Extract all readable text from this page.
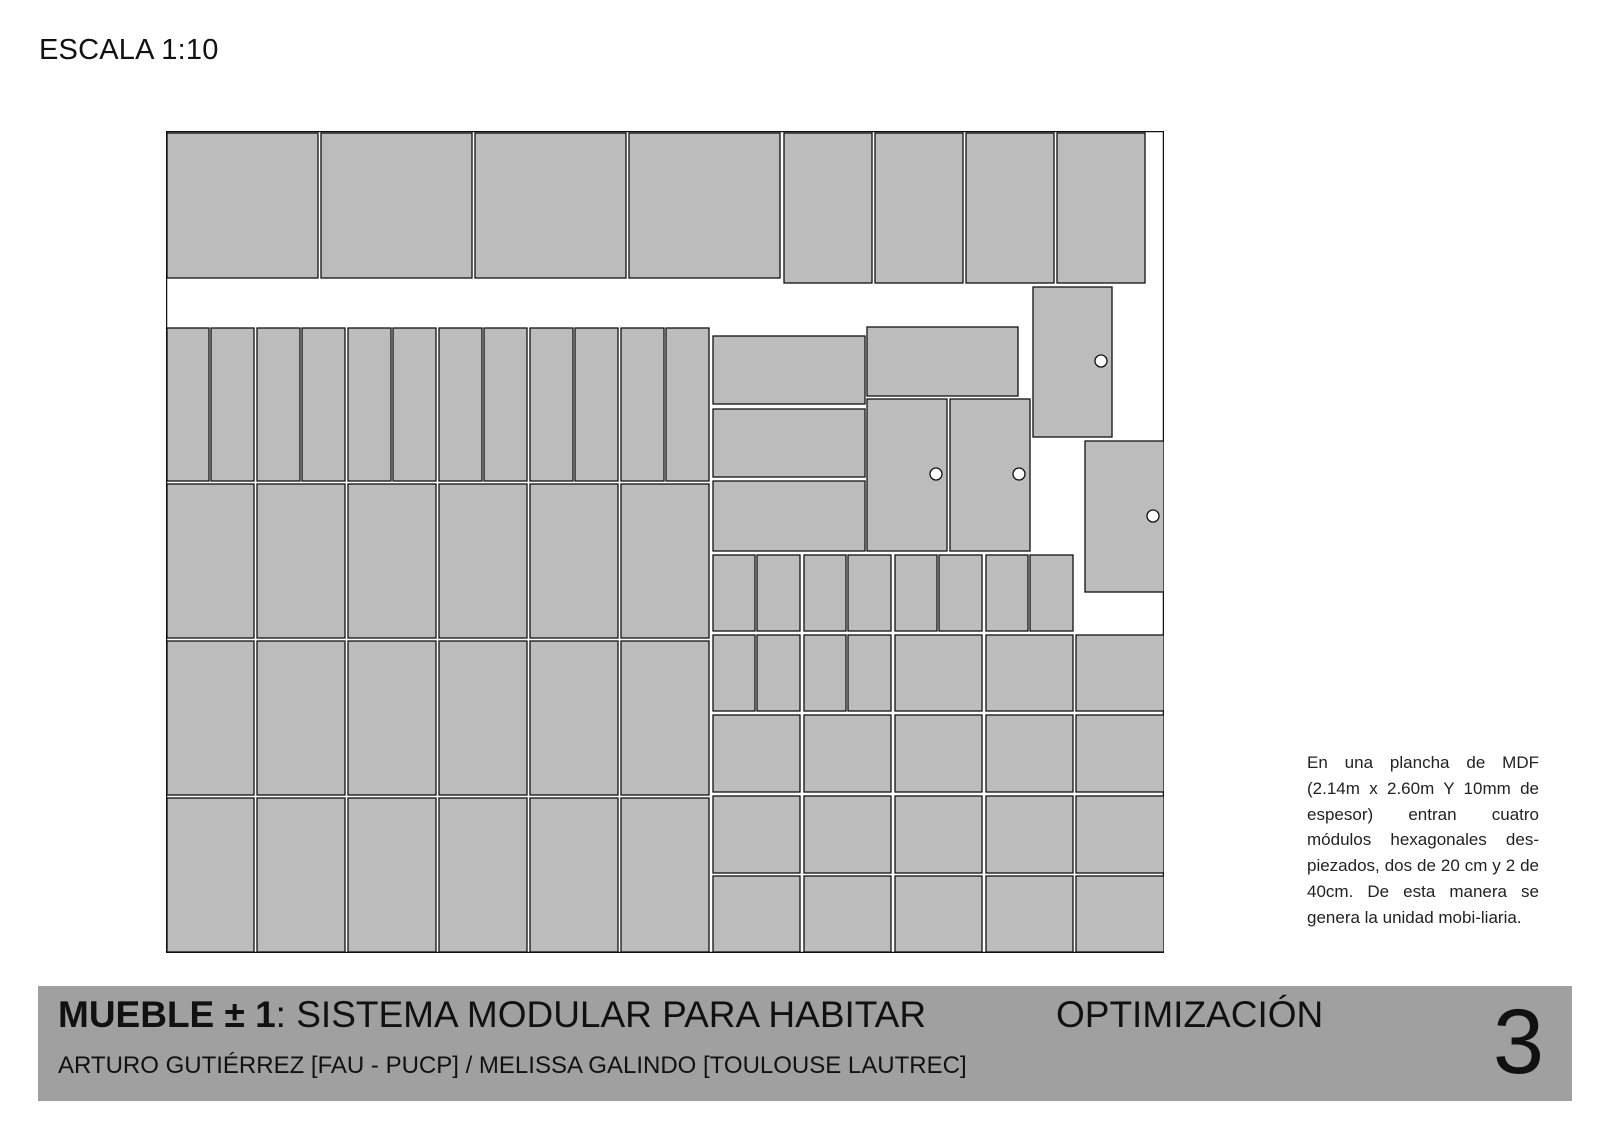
ESCALA 1:10
En una plancha de MDF (2.14m x 2.60m Y 10mm de espesor) entran cuatro módulos hexagonales des-piezados, dos de 20 cm y 2 de 40cm. De esta manera se genera la unidad mobi-liaria.
MUEBLE ± 1: SISTEMA MODULAR PARA HABITAR	OPTIMIZACIÓN
ARTURO GUTIÉRREZ [FAU - PUCP] / MELISSA GALINDO [TOULOUSE LAUTREC]	3
